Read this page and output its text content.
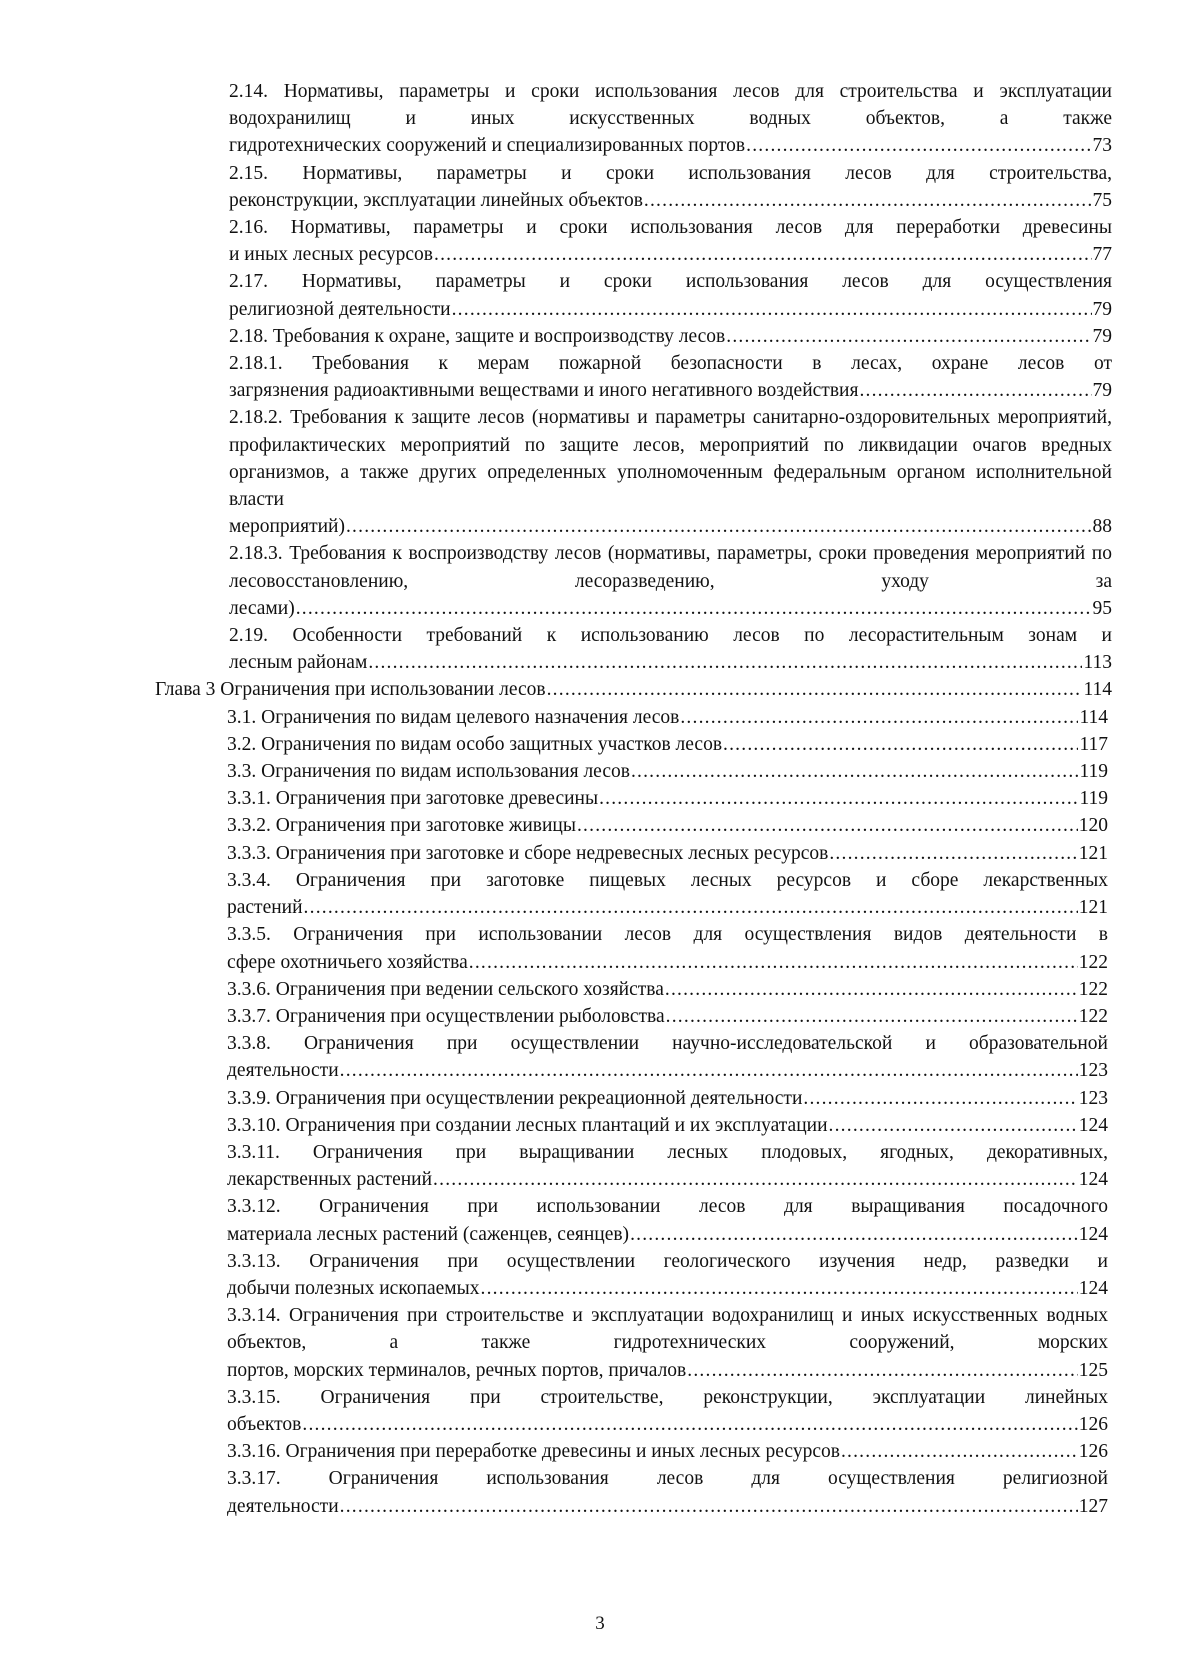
2.14. Нормативы, параметры и сроки использования лесов для строительства и эксплуатации водохранилищ и иных искусственных водных объектов, а также
гидротехнических сооружений и специализированных портов .....	73
2.15. Нормативы, параметры и сроки использования лесов для строительства,
реконструкции, эксплуатации линейных объектов .....	75
2.16. Нормативы, параметры и сроки использования лесов для переработки древесины
и иных лесных ресурсов .....	77
2.17. Нормативы, параметры и сроки использования лесов для осуществления
религиозной деятельности .....	79
2.18. Требования к охране, защите и воспроизводству лесов .....	79
2.18.1. Требования к мерам пожарной безопасности в лесах, охране лесов от
загрязнения радиоактивными веществами и иного негативного воздействия .....	79
2.18.2. Требования к защите лесов (нормативы и параметры санитарно-оздоровительных мероприятий, профилактических мероприятий по защите лесов, мероприятий по ликвидации очагов вредных организмов, а также других определенных уполномоченным федеральным органом исполнительной власти
мероприятий) .....	88
2.18.3. Требования к воспроизводству лесов (нормативы, параметры, сроки проведения мероприятий по лесовосстановлению, лесоразведению, уходу за
лесами) .....	95
2.19. Особенности требований к использованию лесов по лесорастительным зонам и
лесным районам .....	113
Глава 3 Ограничения при использовании лесов .....	114
3.1. Ограничения по видам целевого назначения лесов .....	114
3.2. Ограничения по видам особо защитных участков лесов .....	117
3.3. Ограничения по видам использования лесов .....	119
3.3.1. Ограничения при заготовке древесины .....	119
3.3.2. Ограничения при заготовке живицы .....	120
3.3.3. Ограничения при заготовке и сборе недревесных лесных ресурсов .....	121
3.3.4. Ограничения при заготовке пищевых лесных ресурсов и сборе лекарственных
растений .....	121
3.3.5. Ограничения при использовании лесов для осуществления видов деятельности в
сфере охотничьего хозяйства .....	122
3.3.6. Ограничения при ведении сельского хозяйства .....	122
3.3.7. Ограничения при осуществлении рыболовства .....	122
3.3.8. Ограничения при осуществлении научно-исследовательской и образовательной
деятельности .....	123
3.3.9. Ограничения при осуществлении рекреационной деятельности .....	123
3.3.10. Ограничения при создании лесных плантаций и их эксплуатации .....	124
3.3.11. Ограничения при выращивании лесных плодовых, ягодных, декоративных,
лекарственных растений .....	124
3.3.12. Ограничения при использовании лесов для выращивания посадочного
материала лесных растений (саженцев, сеянцев) .....	124
3.3.13. Ограничения при осуществлении геологического изучения недр, разведки и
добычи полезных ископаемых .....	124
3.3.14. Ограничения при строительстве и эксплуатации водохранилищ и иных искусственных водных объектов, а также гидротехнических сооружений, морских
портов, морских терминалов, речных портов, причалов .....	125
3.3.15. Ограничения при строительстве, реконструкции, эксплуатации линейных
объектов .....	126
3.3.16. Ограничения при переработке древесины и иных лесных ресурсов .....	126
3.3.17. Ограничения использования лесов для осуществления религиозной
деятельности .....	127
3
